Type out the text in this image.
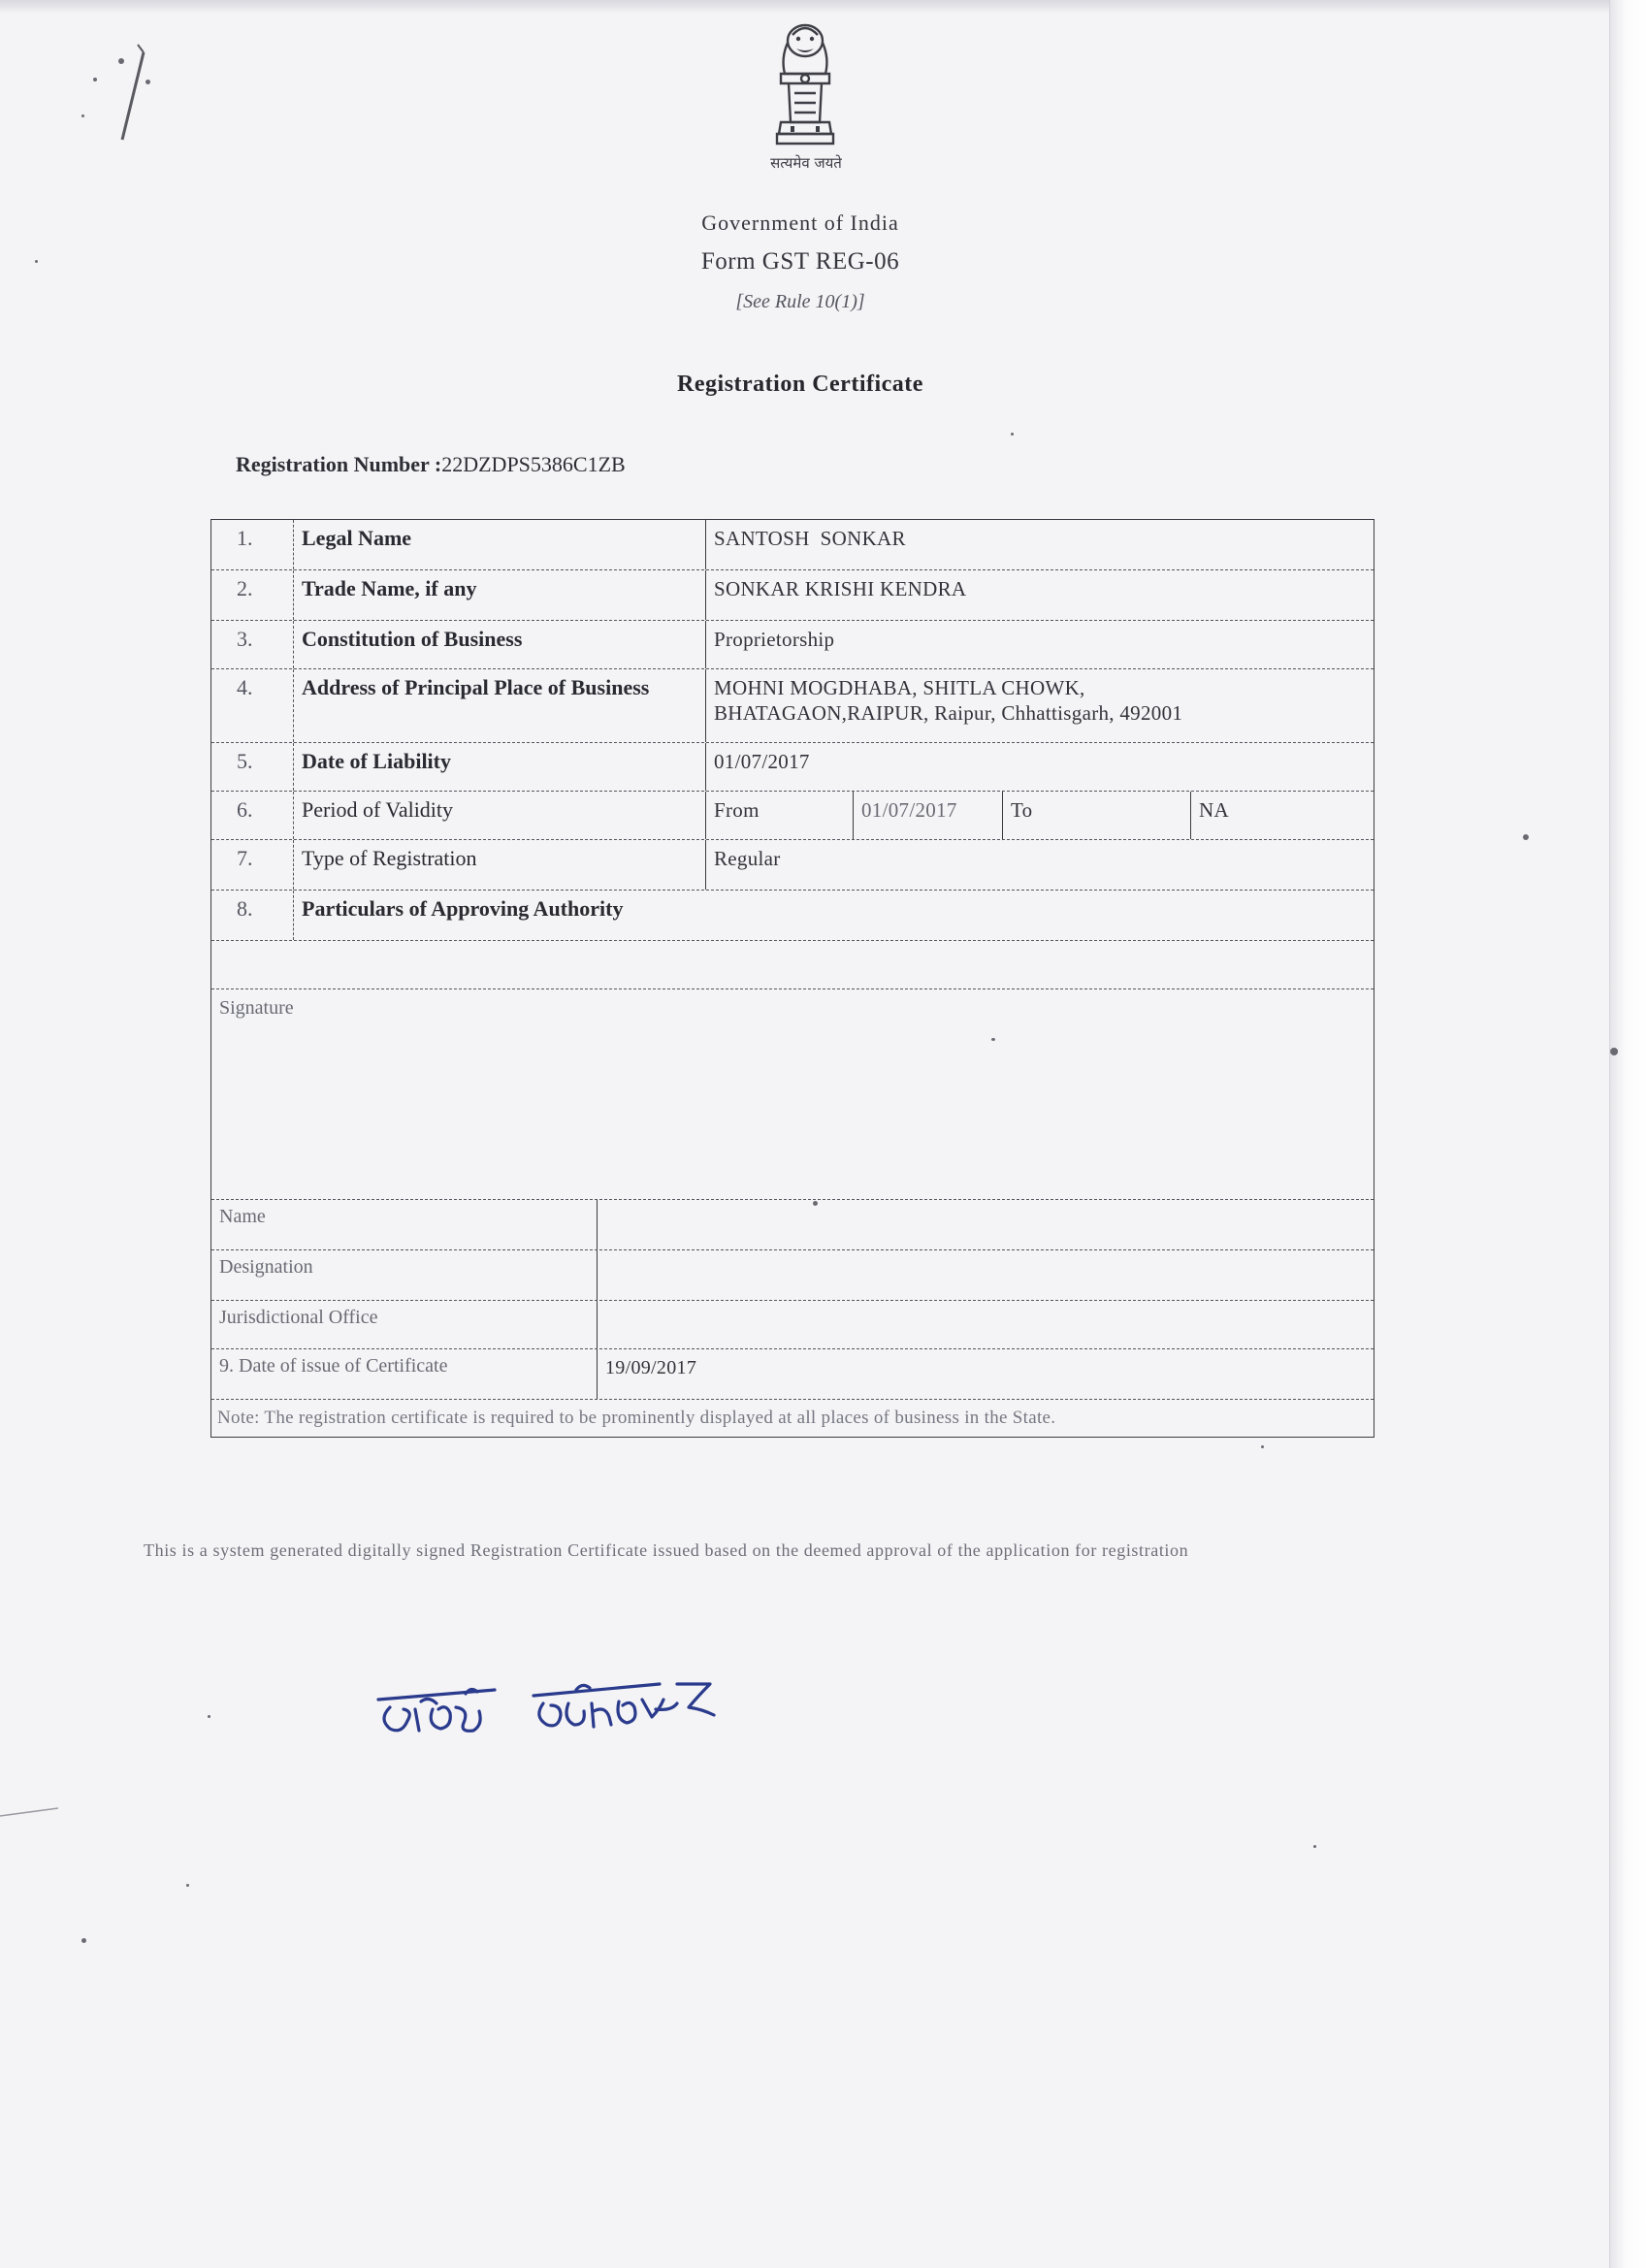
सत्यमेव जयते
Government of India
Form GST REG-06
[See Rule 10(1)]
Registration Certificate
Registration Number :22DZDPS5386C1ZB
1.	Legal Name	SANTOSH  SONKAR
2.	Trade Name, if any	SONKAR KRISHI KENDRA
3.	Constitution of Business	Proprietorship
4.	Address of Principal Place of Business	MOHNI MOGDHABA, SHITLA CHOWK,
BHATAGAON,RAIPUR, Raipur, Chhattisgarh, 492001
5.	Date of Liability	01/07/2017
6.	Period of Validity	From	01/07/2017	To	NA
7.	Type of Registration	Regular
8.	Particulars of Approving Authority
Signature
Name
Designation
Jurisdictional Office
9. Date of issue of Certificate	19/09/2017
Note: The registration certificate is required to be prominently displayed at all places of business in the State.
This is a system generated digitally signed Registration Certificate issued based on the deemed approval of the application for registration
